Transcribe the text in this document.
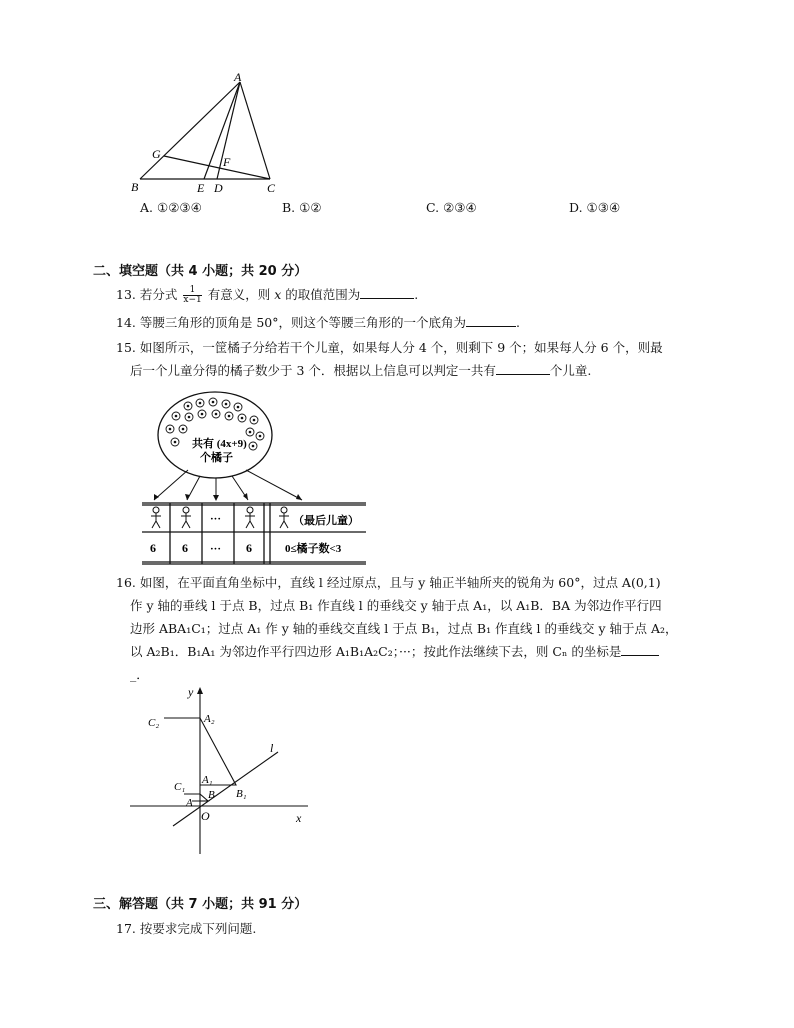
A
G
F
B	E D	C
A. ①②③④	B. ①②	C. ②③④	D. ①③④
二、填空题（共 4 小题；共 20 分）
13. 若分式 $\frac{1}{x-1}$ 有意义，则 x 的取值范围为	.
14. 等腰三角形的顶角是 50°，则这个等腰三角形的一个底角为	.
15. 如图所示，一筐橘子分给若干个儿童，如果每人分 4 个，则剩下 9 个；如果每人分 6 个，则最
后一个儿童分得的橘子数少于 3 个．根据以上信息可以判定一共有	个儿童.
共有 (4x+9)
个橘子
···	（最后儿童）
6 6 ··· 6	0≤橘子数<3
16. 如图，在平面直角坐标中，直线 l 经过原点，且与 y 轴正半轴所夹的锐角为 60°，过点 A(0,1)
作 y 轴的垂线 l 于点 B，过点 B₁ 作直线 l 的垂线交 y 轴于点 A₁，以 A₁B．BA 为邻边作平行四
边形 ABA₁C₁；过点 A₁ 作 y 轴的垂线交直线 l 于点 B₁，过点 B₁ 作直线 l 的垂线交 y 轴于点 A₂，
以 A₂B₁．B₁A₁ 为邻边作平行四边形 A₁B₁A₂C₂；···；按此作法继续下去，则 Cₙ 的坐标是
_．
y
x
l
O
A
B
C₁
A₁
B₁
C₂	A₂
三、解答题（共 7 小题；共 91 分）
17. 按要求完成下列问题.
